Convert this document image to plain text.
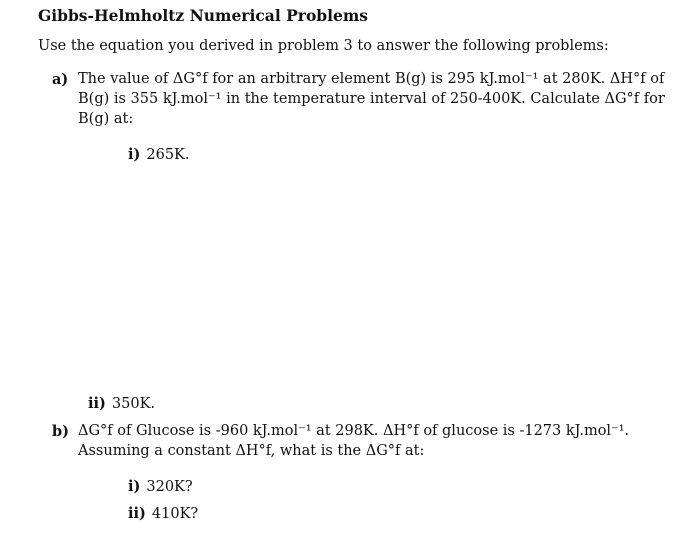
Gibbs-Helmholtz Numerical Problems

Use the equation you derived in problem 3 to answer the following problems:

a) The value of ΔG°f for an arbitrary element B(g) is 295 kJ.mol⁻¹ at 280K. ΔH°f of B(g) is 355 kJ.mol⁻¹ in the temperature interval of 250-400K. Calculate ΔG°f for B(g) at:
i) 265K.
ii) 350K.
b) ΔG°f of Glucose is -960 kJ.mol⁻¹ at 298K. ΔH°f of glucose is -1273 kJ.mol⁻¹. Assuming a constant ΔH°f, what is the ΔG°f at:
i) 320K?
ii) 410K?
